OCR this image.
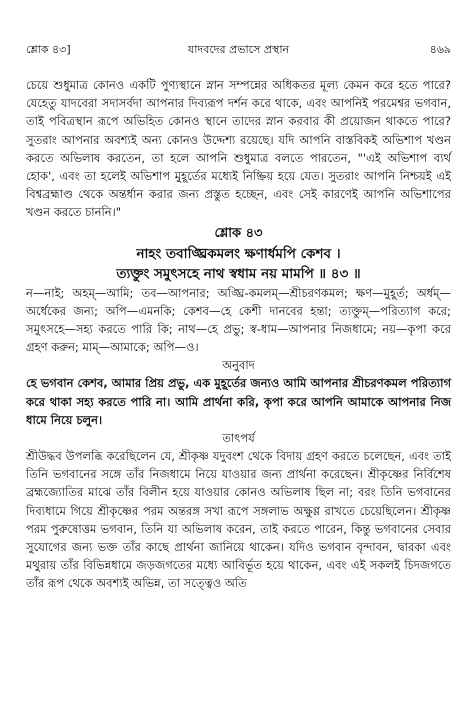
শ্লোক ৪৩]	যাদবদের প্রভাসে প্রস্থান	৪৬৯

চেয়ে শুধুমাত্র কোনও একটি পুণ্যস্থানে স্নান সম্পন্নের অধিকতর মূল্য কেমন করে হতে পারে? যেহেতু যাদবেরা সদাসর্বদা আপনার দিব্যরূপ দর্শন করে থাকে, এবং আপনিই পরমেশ্বর ভগবান, তাই পবিত্রস্থান রূপে অভিহিত কোনও স্থানে তাদের স্নান করবার কী প্রয়োজন থাকতে পারে? সুতরাং আপনার অবশ্যই অন্য কোনও উদ্দেশ্য রয়েছে। যদি আপনি বাস্তবিকই অভিশাপ খণ্ডন করতে অভিলাষ করতেন, তা হলে আপনি শুধুমাত্র বলতে পারতেন, "'এই অভিশাপ ব্যর্থ হোক', এবং তা হলেই অভিশাপ মুহূর্তের মধ্যেই নিষ্ক্রিয় হয়ে যেত। সুতরাং আপনি নিশ্চয়ই এই বিশ্বব্রহ্মাণ্ড থেকে অন্তর্ধান করার জন্য প্রস্তুত হচ্ছেন, এবং সেই কারণেই আপনি অভিশাপের খণ্ডন করতে চাননি।"

শ্লোক ৪৩
নাহং তবাঙ্ঘ্রিকমলং ক্ষণার্ধমপি কেশব ।
ত্যক্তুং সমুৎসহে নাথ স্বধাম নয় মামপি ॥ ৪৩ ॥

ন—নাই; অহম্—আমি; তব—আপনার; অঙ্ঘ্রি-কমলম্—শ্রীচরণকমল; ক্ষণ—মুহূর্ত; অর্ধম্—অর্ধেকের জন্য; অপি—এমনকি; কেশব—হে কেশী দানবের হন্তা; ত্যক্তুম্—পরিত্যাগ করে; সমুৎসহে—সহ্য করতে পারি কি; নাথ—হে প্রভু; স্ব-ধাম—আপনার নিজধামে; নয়—কৃপা করে গ্রহণ করুন; মাম্—আমাকে; অপি—ও।

অনুবাদ

হে ভগবান কেশব, আমার প্রিয় প্রভু, এক মুহূর্তের জন্যও আমি আপনার শ্রীচরণকমল পরিত্যাগ করে থাকা সহ্য করতে পারি না। আমি প্রার্থনা করি, কৃপা করে আপনি আমাকে আপনার নিজ ধামে নিয়ে চলুন।

তাৎপর্য

শ্রীউদ্ধব উপলব্ধি করেছিলেন যে, শ্রীকৃষ্ণ যদুবংশ থেকে বিদায় গ্রহণ করতে চলেছেন, এবং তাই তিনি ভগবানের সঙ্গে তাঁর নিজধামে নিয়ে যাওয়ার জন্য প্রার্থনা করেছেন। শ্রীকৃষ্ণের নির্বিশেষ ব্রহ্মজ্যোতির মাঝে তাঁর বিলীন হয়ে যাওয়ার কোনও অভিলাষ ছিল না; বরং তিনি ভগবানের দিব্যধামে গিয়ে শ্রীকৃষ্ণের পরম অন্তরঙ্গ সখা রূপে সঙ্গলাভ অক্ষুণ্ণ রাখতে চেয়েছিলেন। শ্রীকৃষ্ণ পরম পুরুষোত্তম ভগবান, তিনি যা অভিলাষ করেন, তাই করতে পারেন, কিন্তু ভগবানের সেবার সুযোগের জন্য ভক্ত তাঁর কাছে প্রার্থনা জানিয়ে থাকেন। যদিও ভগবান বৃন্দাবন, দ্বারকা এবং মথুরায় তাঁর বিভিন্নধামে জড়জগতের মধ্যে আবির্ভূত হয়ে থাকেন, এবং এই সকলই চিদজগতে তাঁর রূপ থেকে অবশ্যই অভিন্ন, তা সত্ত্বেও অতি
